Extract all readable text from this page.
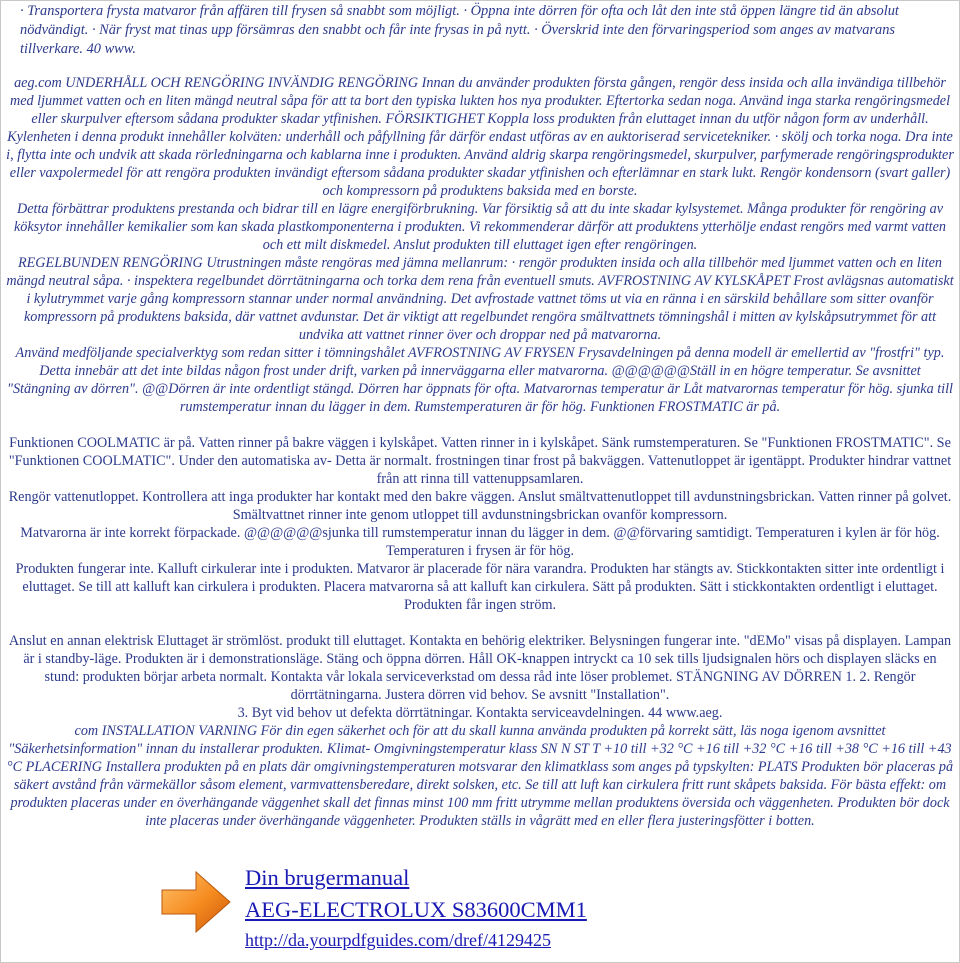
· Transportera frysta matvaror från affären till frysen så snabbt som möjligt. · Öppna inte dörren för ofta och låt den inte stå öppen längre tid än absolut nödvändigt. · När fryst mat tinas upp försämras den snabbt och får inte frysas in på nytt. · Överskrid inte den förvaringsperiod som anges av matvarans tillverkare. 40 www.

aeg.com UNDERHÅLL OCH RENGÖRING INVÄNDIG RENGÖRING Innan du använder produkten första gången, rengör dess insida och alla invändiga tillbehör med ljummet vatten och en liten mängd neutral såpa för att ta bort den typiska lukten hos nya produkter. Eftertorka sedan noga. Använd inga starka rengöringsmedel eller skurpulver eftersom sådana produkter skadar ytfinishen. FÖRSIKTIGHET Koppla loss produkten från eluttaget innan du utför någon form av underhåll. Kylenheten i denna produkt innehåller kolväten: underhåll och påfyllning får därför endast utföras av en auktoriserad servicetekniker. · skölj och torka noga. Dra inte i, flytta inte och undvik att skada rörledningarna och kablarna inne i produkten. Använd aldrig skarpa rengöringsmedel, skurpulver, parfymerade rengöringsprodukter eller vaxpolermedel för att rengöra produkten invändigt eftersom sådana produkter skadar ytfinishen och efterlämnar en stark lukt. Rengör kondensorn (svart galler) och kompressorn på produktens baksida med en borste.

Detta förbättrar produktens prestanda och bidrar till en lägre energiförbrukning. Var försiktig så att du inte skadar kylsystemet. Många produkter för rengöring av köksytor innehåller kemikalier som kan skada plastkomponenterna i produkten. Vi rekommenderar därför att produktens ytterhölje endast rengörs med varmt vatten och ett milt diskmedel. Anslut produkten till eluttaget igen efter rengöringen.

REGELBUNDEN RENGÖRING Utrustningen måste rengöras med jämna mellanrum: · rengör produkten insida och alla tillbehör med ljummet vatten och en liten mängd neutral såpa. · inspektera regelbundet dörrtätningarna och torka dem rena från eventuell smuts. AVFROSTNING AV KYLSKÅPET Frost avlägsnas automatiskt i kylutrymmet varje gång kompressorn stannar under normal användning. Det avfrostade vattnet töms ut via en ränna i en särskild behållare som sitter ovanför kompressorn på produktens baksida, där vattnet avdunstar. Det är viktigt att regelbundet rengöra smältvattnets tömningshål i mitten av kylskåpsutrymmet för att undvika att vattnet rinner över och droppar ned på matvarorna.

Använd medföljande specialverktyg som redan sitter i tömningshålet AVFROSTNING AV FRYSEN Frysavdelningen på denna modell är emellertid av "frostfri" typ. Detta innebär att det inte bildas någon frost under drift, varken på innerväggarna eller matvarorna. @@@@@@Ställ in en högre temperatur. Se avsnittet "Stängning av dörren". @@Dörren är inte ordentligt stängd. Dörren har öppnats för ofta. Matvarornas temperatur är Låt matvarornas temperatur för hög. sjunka till rumstemperatur innan du lägger in dem. Rumstemperaturen är för hög. Funktionen FROSTMATIC är på.

Funktionen COOLMATIC är på. Vatten rinner på bakre väggen i kylskåpet. Vatten rinner in i kylskåpet. Sänk rumstemperaturen. Se "Funktionen FROSTMATIC". Se "Funktionen COOLMATIC". Under den automatiska av- Detta är normalt. frostningen tinar frost på bakväggen. Vattenutloppet är igentäppt. Produkter hindrar vattnet från att rinna till vattenuppsamlaren.

Rengör vattenutloppet. Kontrollera att inga produkter har kontakt med den bakre väggen. Anslut smältvattenutloppet till avdunstningsbrickan. Vatten rinner på golvet. Smältvattnet rinner inte genom utloppet till avdunstningsbrickan ovanför kompressorn.

Matvarorna är inte korrekt förpackade. @@@@@@sjunka till rumstemperatur innan du lägger in dem. @@förvaring samtidigt. Temperaturen i kylen är för hög. Temperaturen i frysen är för hög.

Produkten fungerar inte. Kalluft cirkulerar inte i produkten. Matvaror är placerade för nära varandra. Produkten har stängts av. Stickkontakten sitter inte ordentligt i eluttaget. Se till att kalluft kan cirkulera i produkten. Placera matvarorna så att kalluft kan cirkulera. Sätt på produkten. Sätt i stickkontakten ordentligt i eluttaget. Produkten får ingen ström.

Anslut en annan elektrisk Eluttaget är strömlöst. produkt till eluttaget. Kontakta en behörig elektriker. Belysningen fungerar inte. "dEMo" visas på displayen. Lampan är i standby-läge. Produkten är i demonstrationsläge. Stäng och öppna dörren. Håll OK-knappen intryckt ca 10 sek tills ljudsignalen hörs och displayen släcks en stund: produkten börjar arbeta normalt. Kontakta vår lokala serviceverkstad om dessa råd inte löser problemet. STÄNGNING AV DÖRREN 1. 2. Rengör dörrtätningarna. Justera dörren vid behov. Se avsnitt "Installation".

3. Byt vid behov ut defekta dörrtätningar. Kontakta serviceavdelningen. 44 www.aeg.

com INSTALLATION VARNING För din egen säkerhet och för att du skall kunna använda produkten på korrekt sätt, läs noga igenom avsnittet "Säkerhetsinformation" innan du installerar produkten. Klimat- Omgivningstemperatur klass SN N ST T +10 till +32 °C +16 till +32 °C +16 till +38 °C +16 till +43 °C PLACERING Installera produkten på en plats där omgivningstemperaturen motsvarar den klimatklass som anges på typskylten: PLATS Produkten bör placeras på säkert avstånd från värmekällor såsom element, varmvattensberedare, direkt solsken, etc. Se till att luft kan cirkulera fritt runt skåpets baksida. För bästa effekt: om produkten placeras under en överhängande väggenhet skall det finnas minst 100 mm fritt utrymme mellan produktens översida och väggenheten. Produkten bör dock inte placeras under överhängande väggenheter. Produkten ställs in vågrätt med en eller flera justeringsfötter i botten.

Din brugermanual
AEG-ELECTROLUX S83600CMM1
http://da.yourpdfguides.com/dref/4129425
